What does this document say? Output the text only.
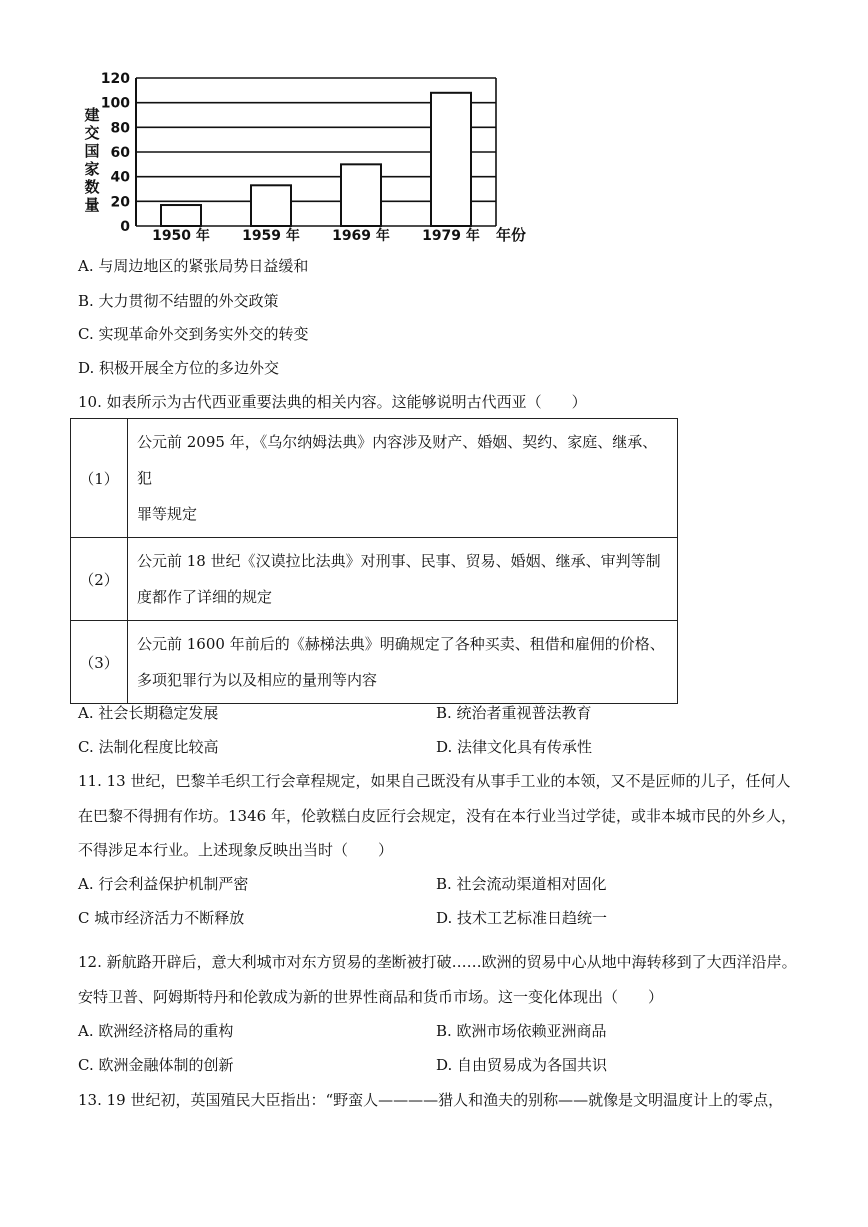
建
交
国
家
数
量
0
20
40
60
80
100
120
1950 年 1959 年 1969 年 1979 年 年份
A. 与周边地区的紧张局势日益缓和
B. 大力贯彻不结盟的外交政策
C. 实现革命外交到务实外交的转变
D. 积极开展全方位的多边外交
10. 如表所示为古代西亚重要法典的相关内容。这能够说明古代西亚（　　）
（1）	公元前 2095 年，《乌尔纳姆法典》内容涉及财产、婚姻、契约、家庭、继承、犯
罪等规定

（2）	公元前 18 世纪《汉谟拉比法典》对刑事、民事、贸易、婚姻、继承、审判等制
度都作了详细的规定

（3）	公元前 1600 年前后的《赫梯法典》明确规定了各种买卖、租借和雇佣的价格、
多项犯罪行为以及相应的量刑等内容
A. 社会长期稳定发展	B. 统治者重视普法教育
C. 法制化程度比较高	D. 法律文化具有传承性
11. 13 世纪，巴黎羊毛织工行会章程规定，如果自己既没有从事手工业的本领，又不是匠师的儿子，任何人
在巴黎不得拥有作坊。1346 年，伦敦糕白皮匠行会规定，没有在本行业当过学徒，或非本城市民的外乡人，
不得涉足本行业。上述现象反映出当时（　　）
A. 行会利益保护机制严密	B. 社会流动渠道相对固化
C 城市经济活力不断释放	D. 技术工艺标准日趋统一
12. 新航路开辟后，意大利城市对东方贸易的垄断被打破……欧洲的贸易中心从地中海转移到了大西洋沿岸。
安特卫普、阿姆斯特丹和伦敦成为新的世界性商品和货币市场。这一变化体现出（　　）
A. 欧洲经济格局的重构	B. 欧洲市场依赖亚洲商品
C. 欧洲金融体制的创新	D. 自由贸易成为各国共识
13. 19 世纪初，英国殖民大臣指出：“野蛮人————猎人和渔夫的别称——就像是文明温度计上的零点，
